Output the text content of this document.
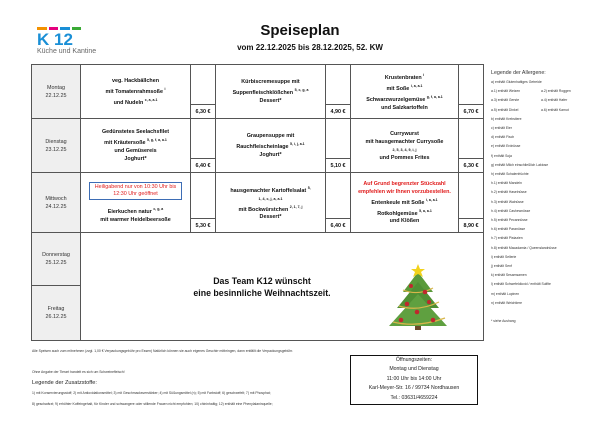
K 12
Küche und Kantine
Speiseplan
vom 22.12.2025 bis 28.12.2025, 52. KW
Montag
22.12.25	veg. Hackbällchen
mit Tomatenrahmsoße $^i$
und Nudeln $^{c, a, a.1}$		Kürbiscremesuppe mit
Suppenfleischklößchen $^{5, c, g, a}$
Dessert*		Krustenbraten $^i$
mit Soße $^{i, a, a.1}$
Schwarzwurzelgemüse $^{g, f, a, a.1}$
und Salzkartoffeln	
		6,30 €		4,90 €		6,70 €
Dienstag
23.12.25	Gedünstetes Seelachsfilet
mit Kräutersoße $^{5, g, f, a, a.1}$
und Gemüsereis
Joghurt*		Graupensuppe mit
Rauchfleischeinlage $^{5, i, j, a.1}$
Joghurt*		Currywurst
mit hausgemachter Currysoße
2, 5, 3, 4, 9, i, j
und Pommes Frites	
		6,40 €		5,10 €		6,30 €
Mittwoch
24.12.25	Heiligabend nur von 10:30 Uhr bis 12:30 Uhr geöffnet
Eierkuchen natur $^{c, g, a}$
mit warmer Heidelbeersoße		hausgemachter Kartoffelsalat $^{5,}$
1, 4, c, j, a, a.1
mit Bockwürstchen $^{2, 1, 7, j}$
Dessert*		Auf Grund begrenzter Stückzahl empfehlen wir Ihnen vorzubestellen.
Entenkeule mit Soße $^{i, a, a.1}$
Rotkohlgemüse $^{5, a, a.1}$
und Klößen	
		5,30 €		6,40 €		8,90 €
Donnerstag
25.12.25	Das Team K12 wünscht
eine besinnliche Weihnachtszeit.					

Freitag
26.12.25						
Legende der Allergene:
a) enthält Glutenhaltiges Getreide
a.1) enthält Weizen	a.2) enthält Roggen
a.3) enthält Gerste	a.4) enthält Hafer
a.5) enthält Dinkel	a.6) enthält Kamut
b) enthält Krebstiere
c) enthält Eier
d) enthält Fisch
e) enthält Erdnüsse
f) enthält Soja
g) enthält Milch einschließlich Laktose
h) enthält Schalenfrüchte
h.1) enthält Mandeln
h.2) enthält Haselnüsse
h.3) enthält Walnüsse
h.4) enthält Cashewnüsse
h.5) enthält Pecannüsse
h.6) enthält Paranüsse
h.7) enthält Pistazien
h.8) enthält Macadamia / Queenslandnüsse
i) enthält Sellerie
j) enthält Senf
k) enthält Sesamsamen
l) enthält Schwefeldioxid / enthält Sulfite
m) enthält Lupinen
n) enthält Weichtiere
* siehe Aushang
Alle Speisen auch zum mitnehmen (zzgl. 1,00 € Verpackungsgebühr pro Essen) Natürlich können sie auch eigenes Geschirr mitbringen, dann entfällt die Verpackungsgebühr.
Ohne Angabe der Tierart handelt es sich um Schweinefleisch!
Legende der Zusatzstoffe:
1) mit Konservierungsstoff; 2) mit Antioxidationsmittel; 3) mit Geschmacksverstärker; 4) mit Süßungsmittel (n); 5) mit Farbstoff; 6) geschwefelt; 7) mit Phosphat;
8) geschwärzt; 9) erhöhter Koffeingehalt, für Kinder und schwangere oder stillende Frauen nicht empfohlen; 10) chininhaltig; 12) enthält eine Phenylalaninquelle;
Öffnungszeiten:
Montag und Dienstag
11:00 Uhr bis 14:00 Uhr
Karl-Meyer-Str. 16 / 99734 Nordhausen
Tel.: 03631/4659224
